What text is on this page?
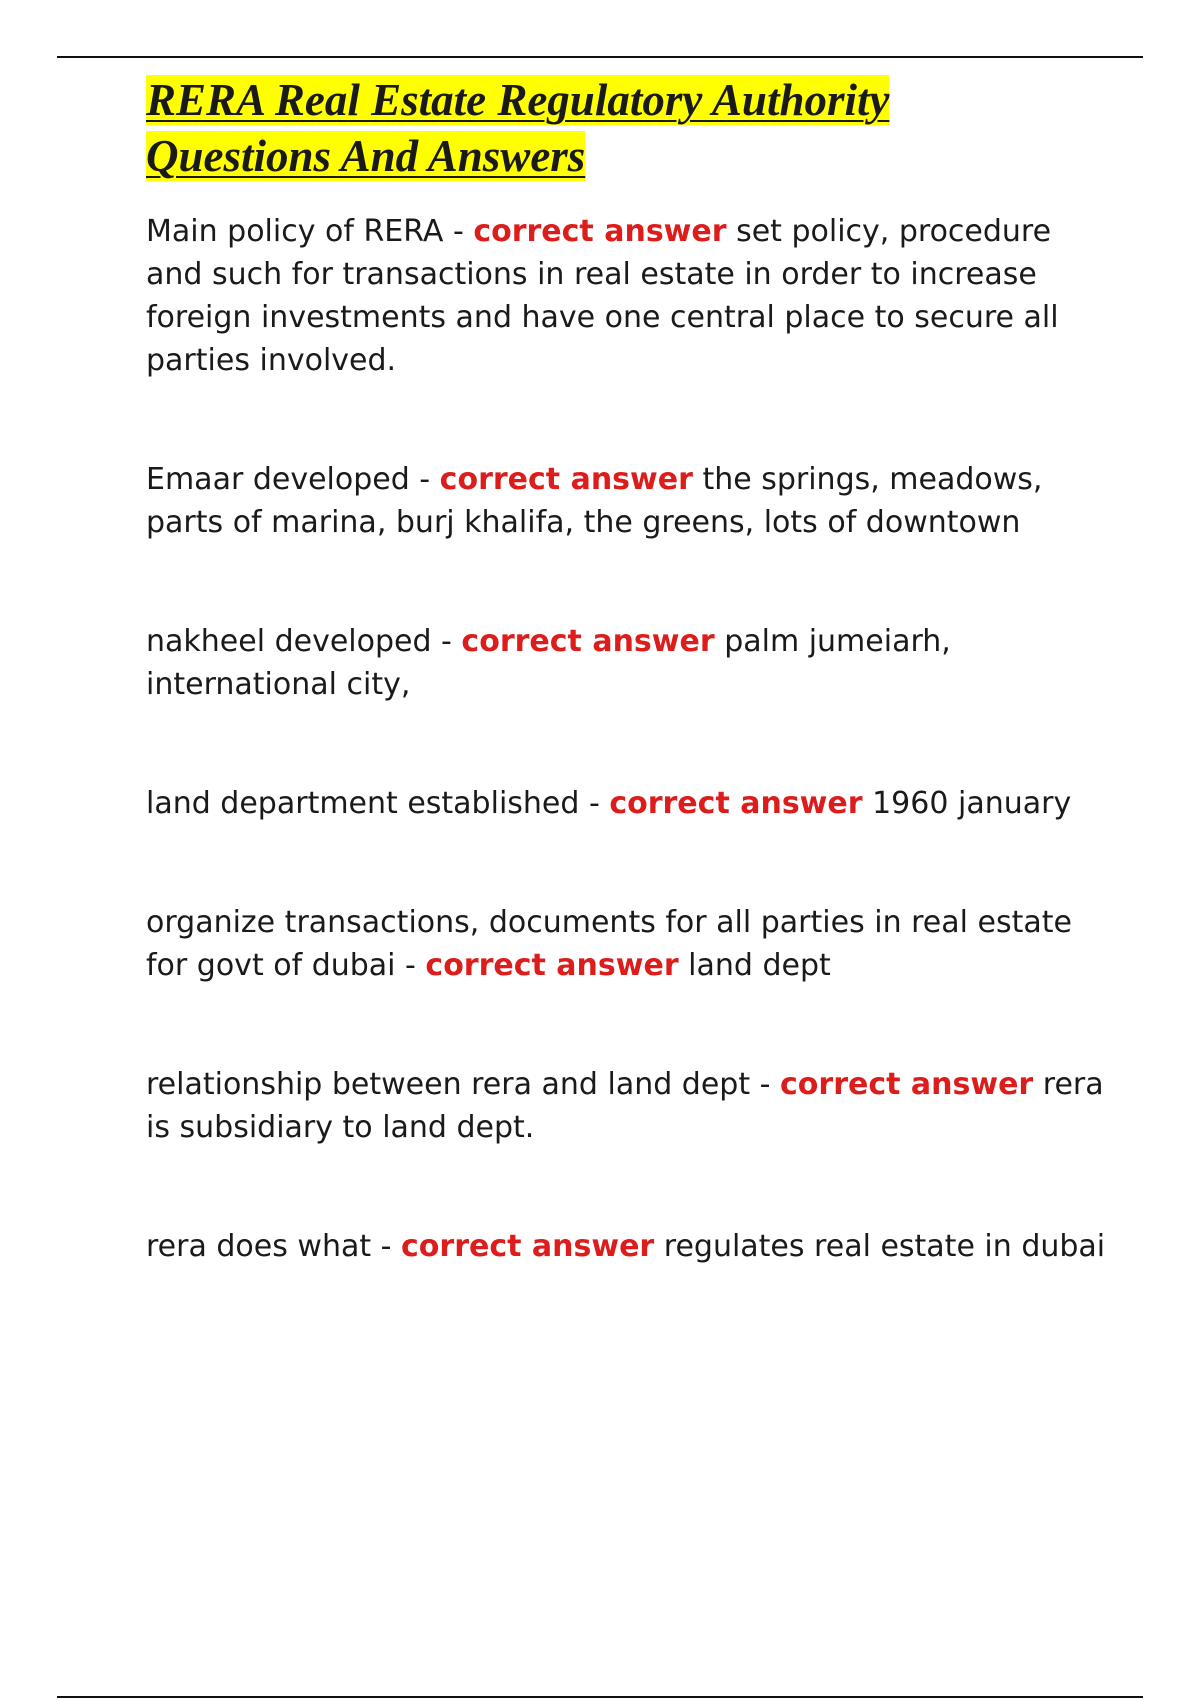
RERA Real Estate Regulatory Authority
Questions And Answers

Main policy of RERA - correct answer set policy, procedure and such for transactions in real estate in order to increase foreign investments and have one central place to secure all parties involved.

Emaar developed - correct answer the springs, meadows, parts of marina, burj khalifa, the greens, lots of downtown

nakheel developed - correct answer palm jumeiarh, international city,

land department established - correct answer 1960 january

organize transactions, documents for all parties in real estate for govt of dubai - correct answer land dept

relationship between rera and land dept - correct answer rera is subsidiary to land dept.

rera does what - correct answer regulates real estate in dubai
